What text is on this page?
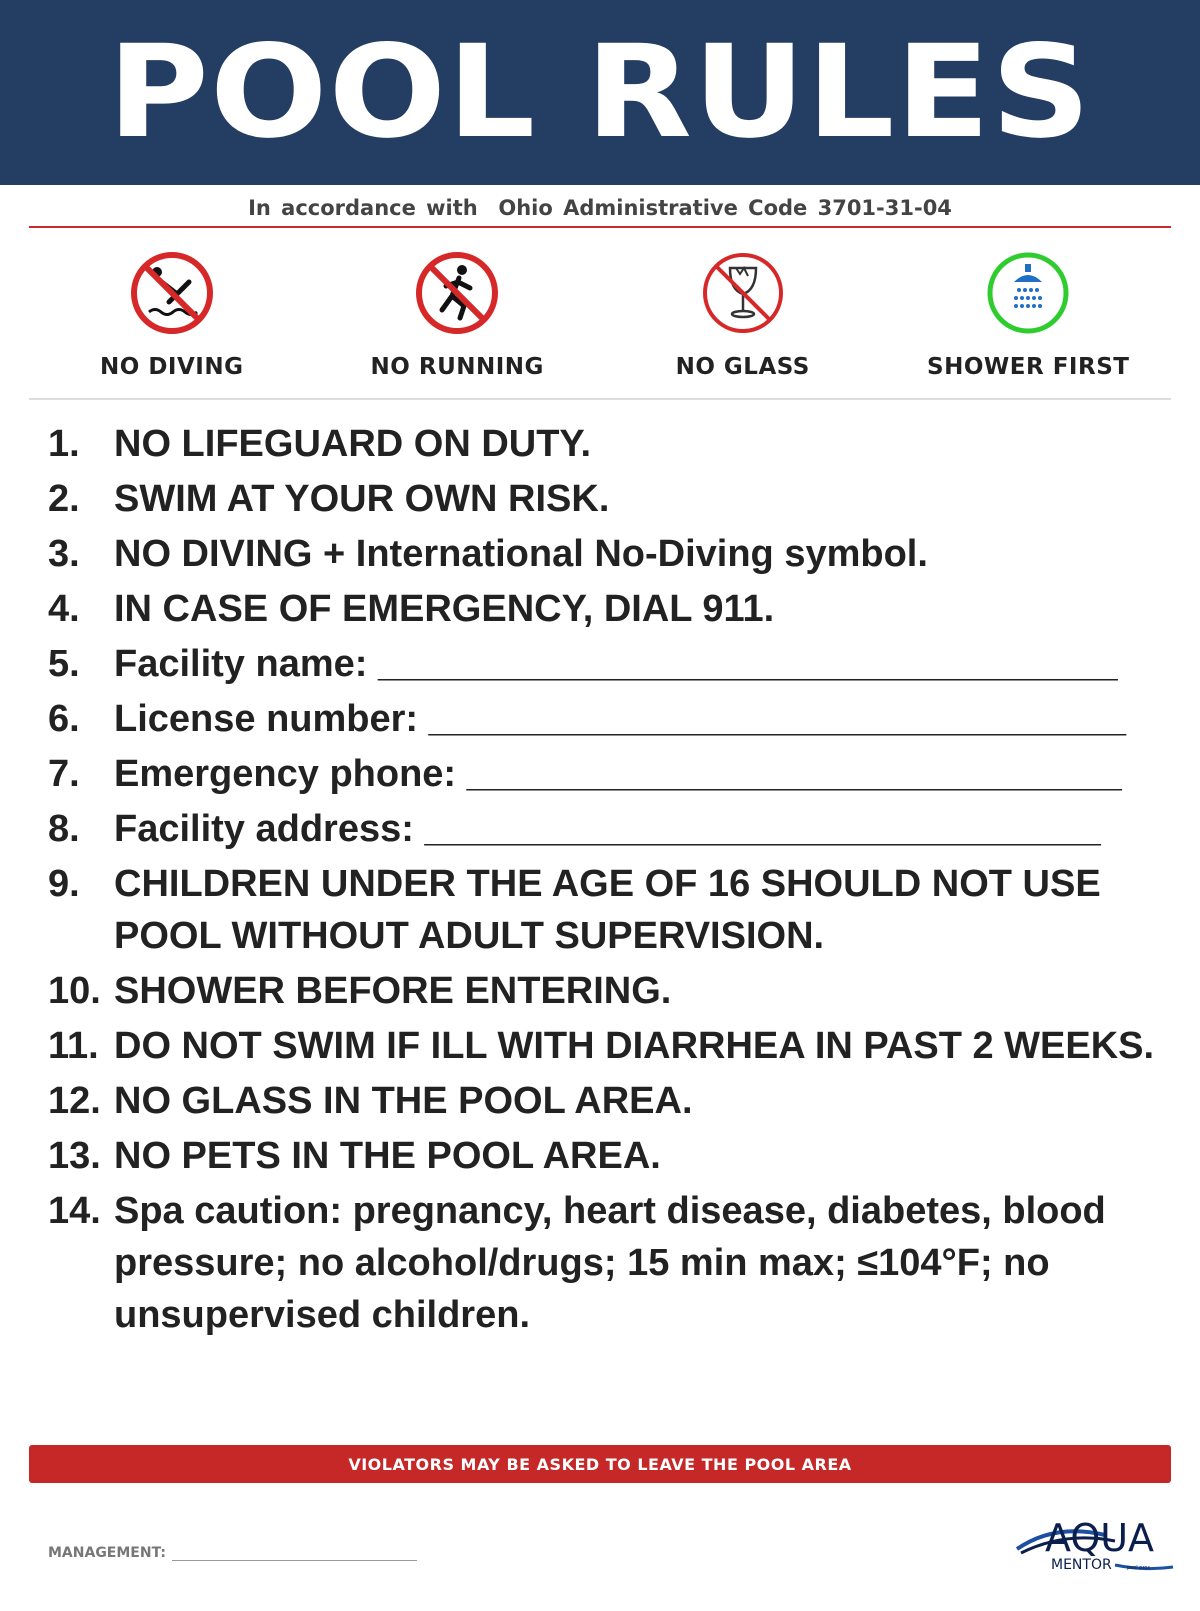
POOL RULES
In accordance with  Ohio Administrative Code 3701-31-04
NO DIVING	NO RUNNING	NO GLASS	SHOWER FIRST
1. NO LIFEGUARD ON DUTY.
2. SWIM AT YOUR OWN RISK.
3. NO DIVING + International No-Diving symbol.
4. IN CASE OF EMERGENCY, DIAL 911.
5. Facility name: ___________________________________
6. License number: _________________________________
7. Emergency phone: _______________________________
8. Facility address: ________________________________
9. CHILDREN UNDER THE AGE OF 16 SHOULD NOT USE POOL WITHOUT ADULT SUPERVISION.
10. SHOWER BEFORE ENTERING.
11. DO NOT SWIM IF ILL WITH DIARRHEA IN PAST 2 WEEKS.
12. NO GLASS IN THE POOL AREA.
13. NO PETS IN THE POOL AREA.
14. Spa caution: pregnancy, heart disease, diabetes, blood pressure; no alcohol/drugs; 15 min max; ≤104°F; no unsupervised children.
VIOLATORS MAY BE ASKED TO LEAVE THE POOL AREA
MANAGEMENT:	AQUA
MENTOR	pool pros
